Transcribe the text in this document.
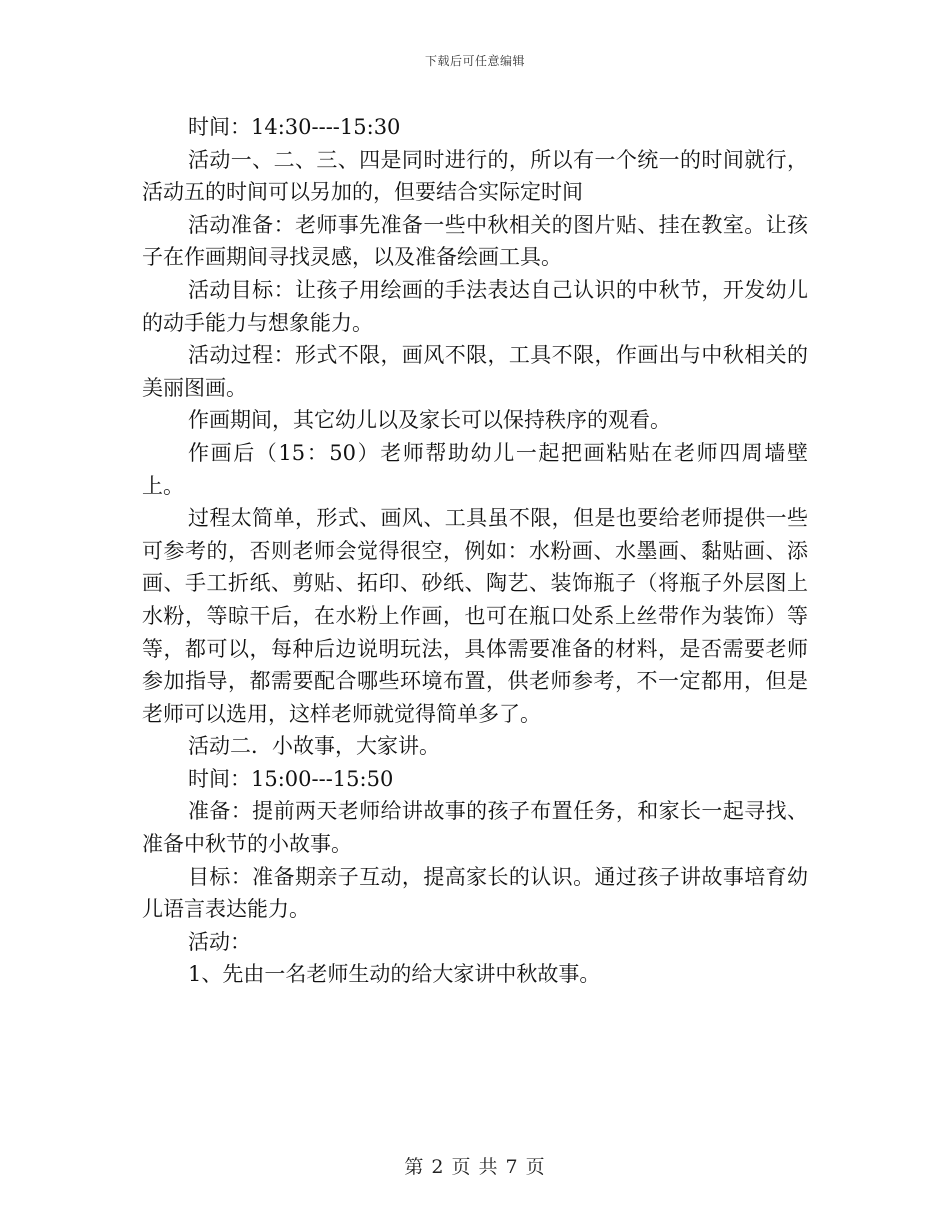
下载后可任意编辑

时间：14:30----15:30

活动一、二、三、四是同时进行的，所以有一个统一的时间就行，活动五的时间可以另加的，但要结合实际定时间

活动准备：老师事先准备一些中秋相关的图片贴、挂在教室。让孩子在作画期间寻找灵感，以及准备绘画工具。

活动目标：让孩子用绘画的手法表达自己认识的中秋节，开发幼儿的动手能力与想象能力。

活动过程：形式不限，画风不限，工具不限，作画出与中秋相关的美丽图画。

作画期间，其它幼儿以及家长可以保持秩序的观看。

作画后（15：50）老师帮助幼儿一起把画粘贴在老师四周墙壁上。

过程太简单，形式、画风、工具虽不限，但是也要给老师提供一些可参考的，否则老师会觉得很空，例如：水粉画、水墨画、黏贴画、添画、手工折纸、剪贴、拓印、砂纸、陶艺、装饰瓶子（将瓶子外层图上水粉，等晾干后，在水粉上作画，也可在瓶口处系上丝带作为装饰）等等，都可以，每种后边说明玩法，具体需要准备的材料，是否需要老师参加指导，都需要配合哪些环境布置，供老师参考，不一定都用，但是老师可以选用，这样老师就觉得简单多了。

活动二．小故事，大家讲。

时间：15:00---15:50

准备：提前两天老师给讲故事的孩子布置任务，和家长一起寻找、准备中秋节的小故事。

目标：准备期亲子互动，提高家长的认识。通过孩子讲故事培育幼儿语言表达能力。

活动：

1、先由一名老师生动的给大家讲中秋故事。

第 2 页 共 7 页
